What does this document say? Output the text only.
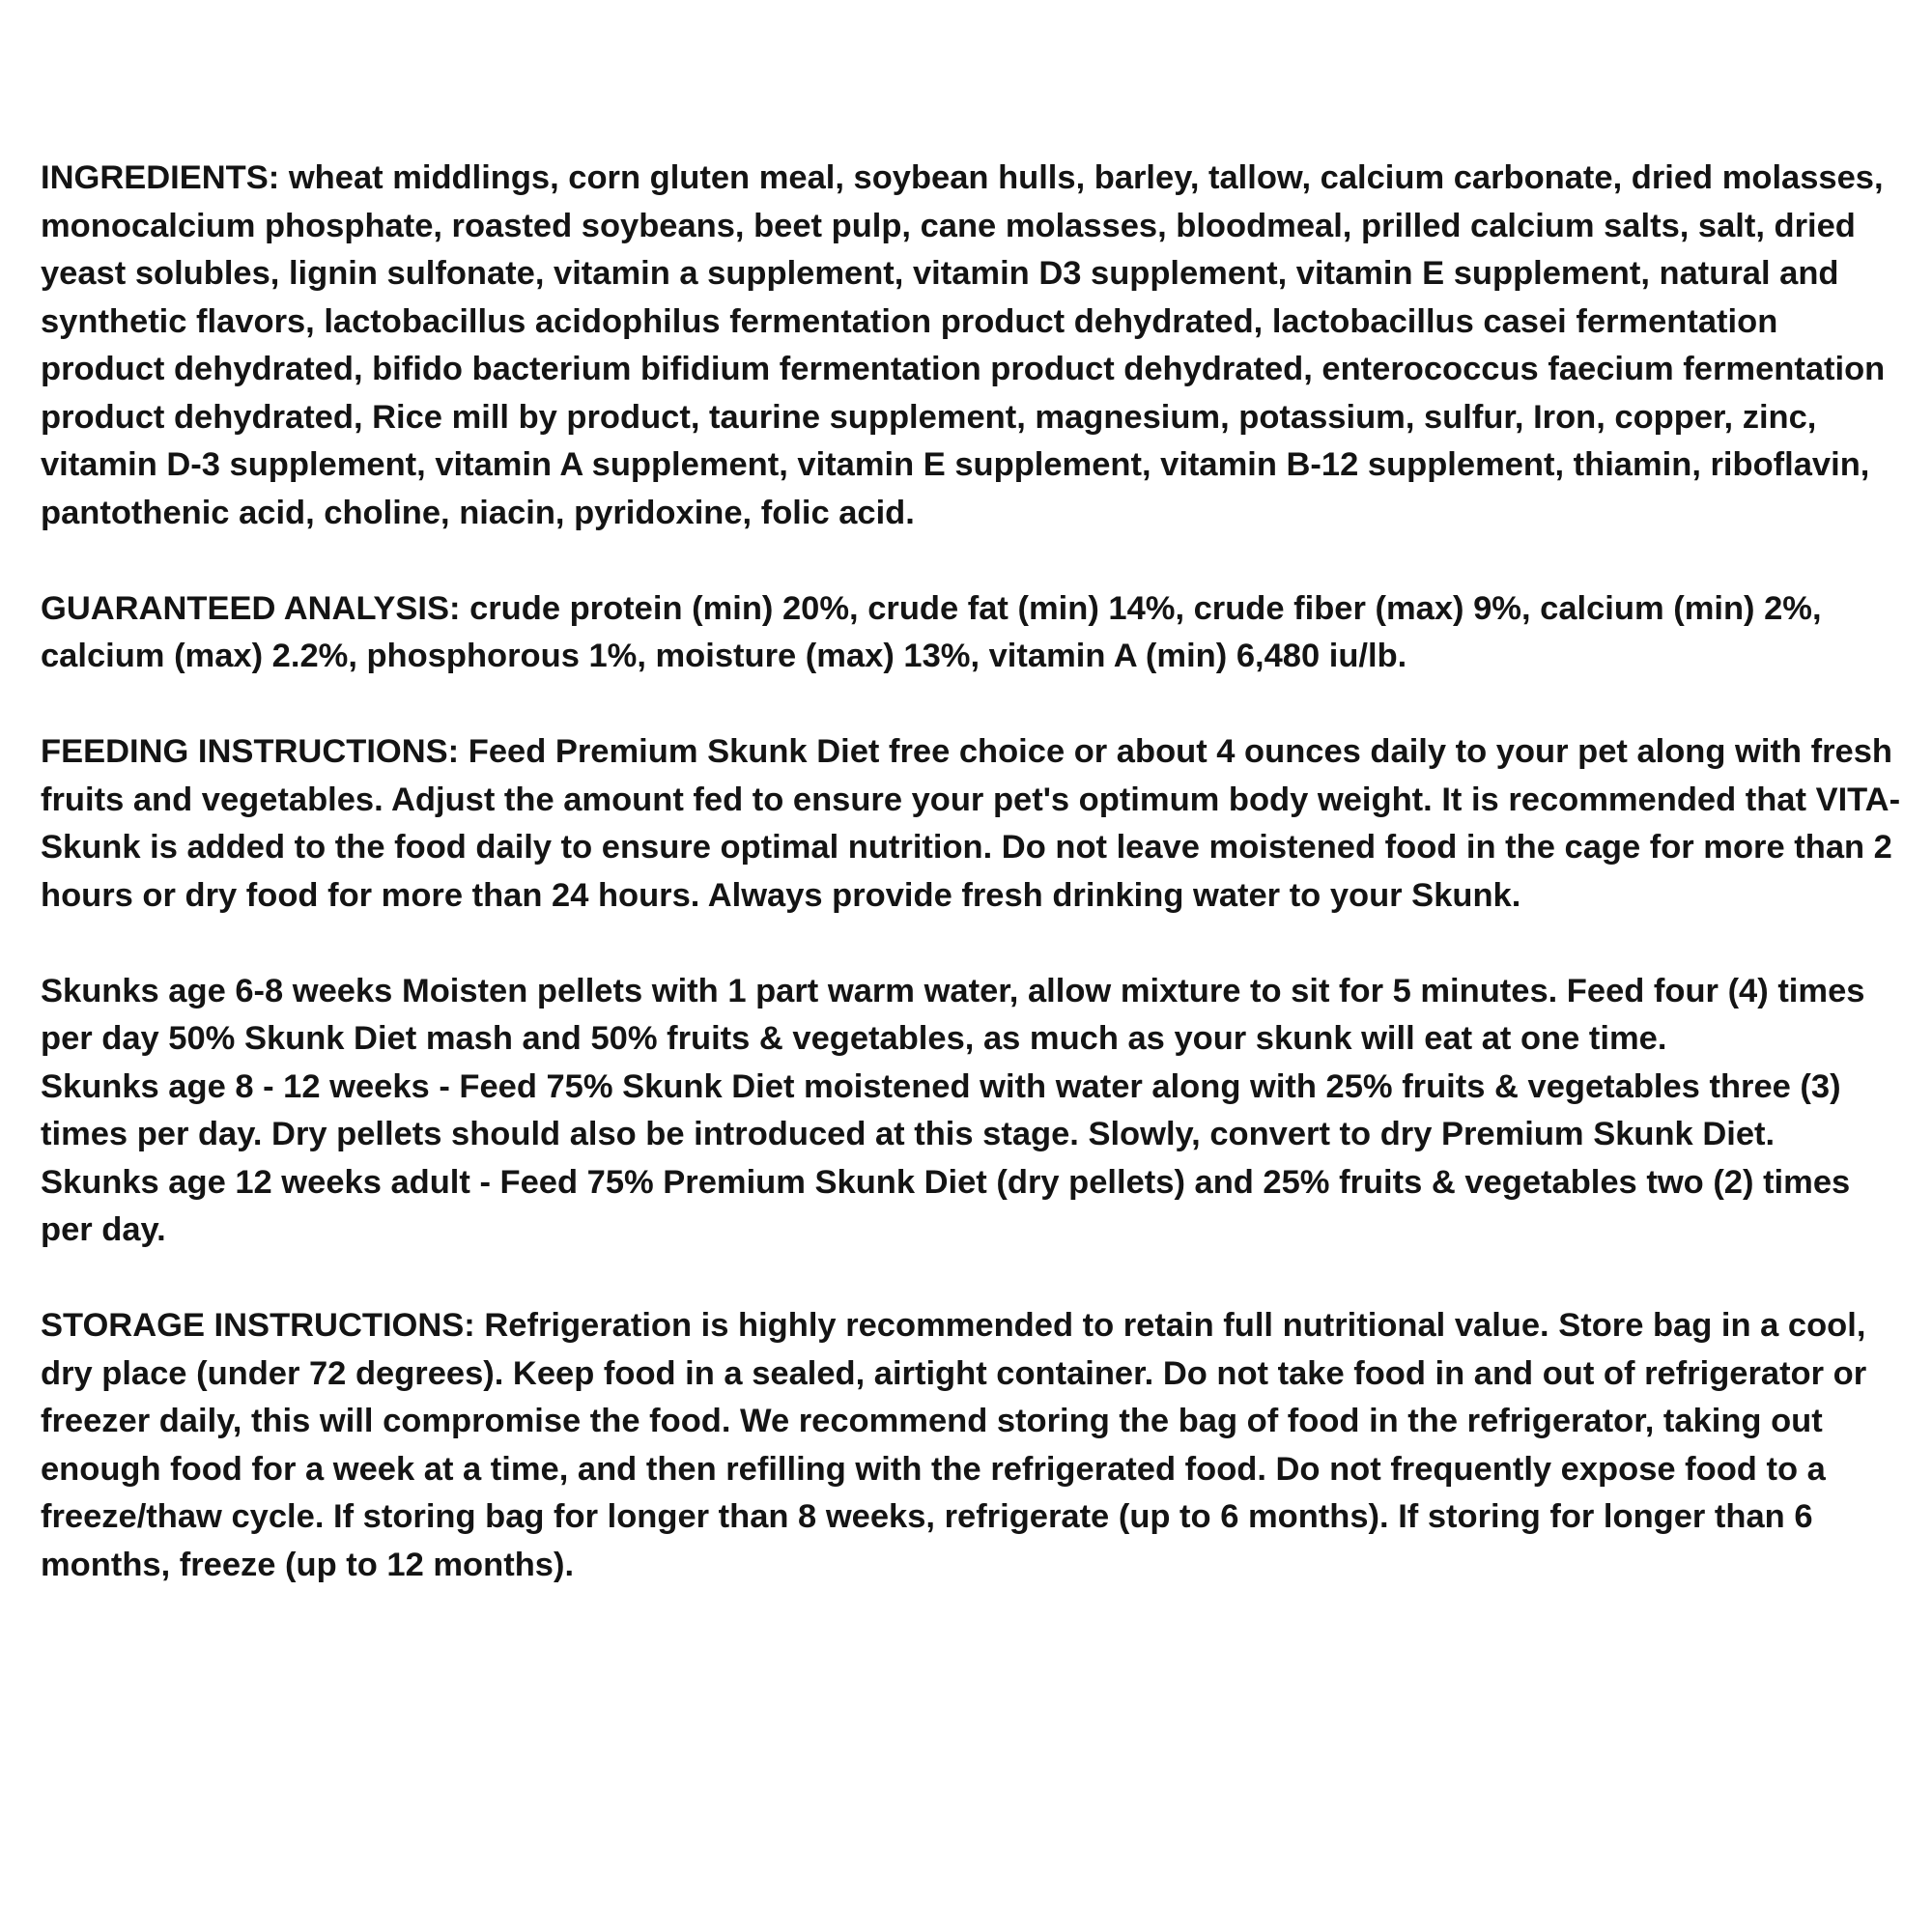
INGREDIENTS: wheat middlings, corn gluten meal, soybean hulls, barley, tallow, calcium carbonate, dried molasses, monocalcium phosphate, roasted soybeans, beet pulp, cane molasses, bloodmeal, prilled calcium salts, salt, dried yeast solubles, lignin sulfonate, vitamin a supplement, vitamin D3 supplement, vitamin E supplement, natural and synthetic flavors, lactobacillus acidophilus fermentation product dehydrated, lactobacillus casei fermentation product dehydrated, bifido bacterium bifidium fermentation product dehydrated, enterococcus faecium fermentation product dehydrated, Rice mill by product, taurine supplement, magnesium, potassium, sulfur, Iron, copper, zinc, vitamin D-3 supplement, vitamin A supplement, vitamin E supplement, vitamin B-12 supplement, thiamin, riboflavin, pantothenic acid, choline, niacin, pyridoxine, folic acid.

GUARANTEED ANALYSIS: crude protein (min) 20%, crude fat (min) 14%, crude fiber (max) 9%, calcium (min) 2%, calcium (max) 2.2%, phosphorous 1%, moisture (max) 13%, vitamin A (min) 6,480 iu/lb.

FEEDING INSTRUCTIONS: Feed Premium Skunk Diet free choice or about 4 ounces daily to your pet along with fresh fruits and vegetables. Adjust the amount fed to ensure your pet's optimum body weight. It is recommended that VITA-Skunk is added to the food daily to ensure optimal nutrition. Do not leave moistened food in the cage for more than 2 hours or dry food for more than 24 hours. Always provide fresh drinking water to your Skunk.

Skunks age 6-8 weeks Moisten pellets with 1 part warm water, allow mixture to sit for 5 minutes. Feed four (4) times per day 50% Skunk Diet mash and 50% fruits & vegetables, as much as your skunk will eat at one time.

Skunks age 8 - 12 weeks - Feed 75% Skunk Diet moistened with water along with 25% fruits & vegetables three (3) times per day. Dry pellets should also be introduced at this stage. Slowly, convert to dry Premium Skunk Diet.

Skunks age 12 weeks adult - Feed 75% Premium Skunk Diet (dry pellets) and 25% fruits & vegetables two (2) times per day.

STORAGE INSTRUCTIONS: Refrigeration is highly recommended to retain full nutritional value. Store bag in a cool, dry place (under 72 degrees). Keep food in a sealed, airtight container. Do not take food in and out of refrigerator or freezer daily, this will compromise the food. We recommend storing the bag of food in the refrigerator, taking out enough food for a week at a time, and then refilling with the refrigerated food. Do not frequently expose food to a freeze/thaw cycle. If storing bag for longer than 8 weeks, refrigerate (up to 6 months). If storing for longer than 6 months, freeze (up to 12 months).
